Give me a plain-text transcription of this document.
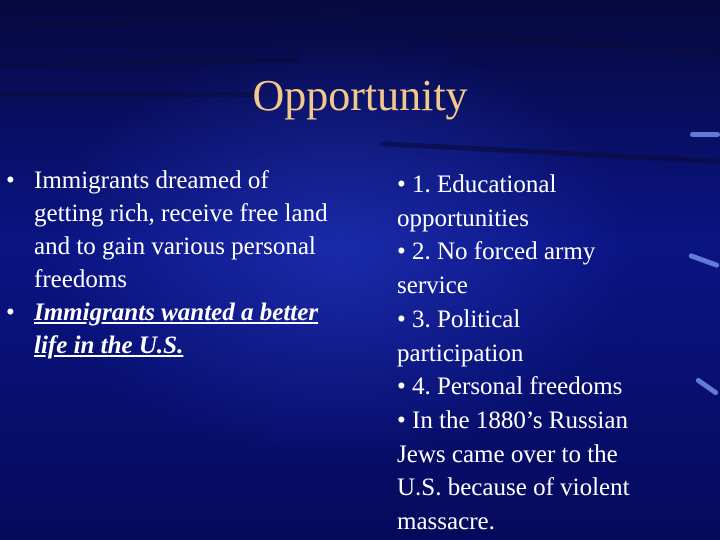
Opportunity
• Immigrants dreamed of getting rich, receive free land and to gain various personal freedoms
• Immigrants wanted a better life in the U.S.
• 1. Educational
opportunities
• 2. No forced army
service
• 3. Political
participation
• 4. Personal freedoms
• In the 1880’s Russian
Jews came over to the
U.S. because of violent
massacre.
